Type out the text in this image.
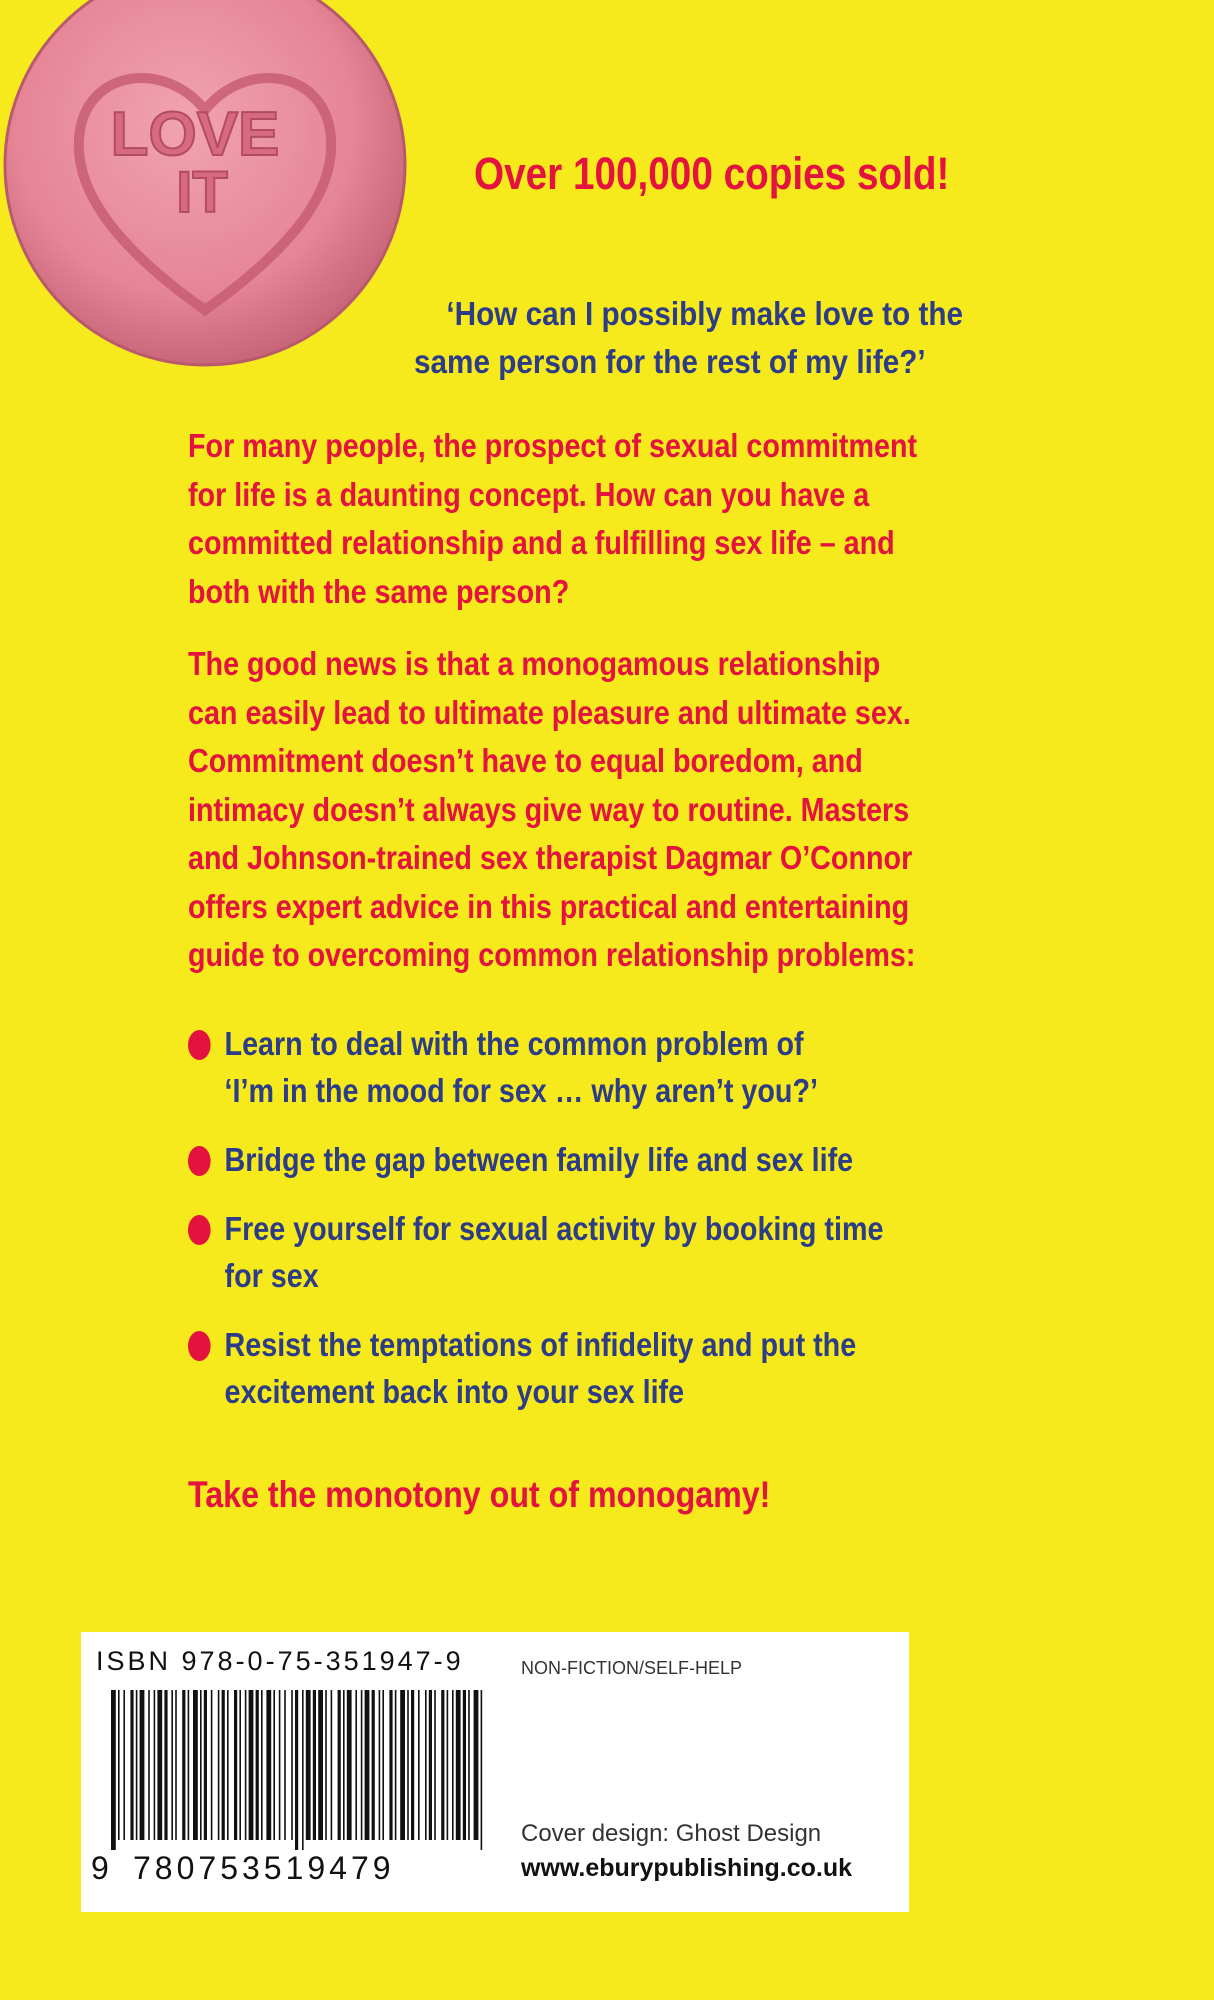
LOVE
IT	Over 100,000 copies sold!

‘How can I possibly make love to the
same person for the rest of my life?’

For many people, the prospect of sexual commitment
for life is a daunting concept. How can you have a
committed relationship and a fulfilling sex life – and
both with the same person?

The good news is that a monogamous relationship
can easily lead to ultimate pleasure and ultimate sex.
Commitment doesn’t have to equal boredom, and
intimacy doesn’t always give way to routine. Masters
and Johnson-trained sex therapist Dagmar O’Connor
offers expert advice in this practical and entertaining
guide to overcoming common relationship problems:

Learn to deal with the common problem of
‘I’m in the mood for sex … why aren’t you?’
Bridge the gap between family life and sex life
Free yourself for sexual activity by booking time
for sex
Resist the temptations of infidelity and put the
excitement back into your sex life

Take the monotony out of monogamy!

ISBN 978-0-75-351947-9
9 780753519479
NON-FICTION/SELF-HELP
Cover design: Ghost Design
www.eburypublishing.co.uk
